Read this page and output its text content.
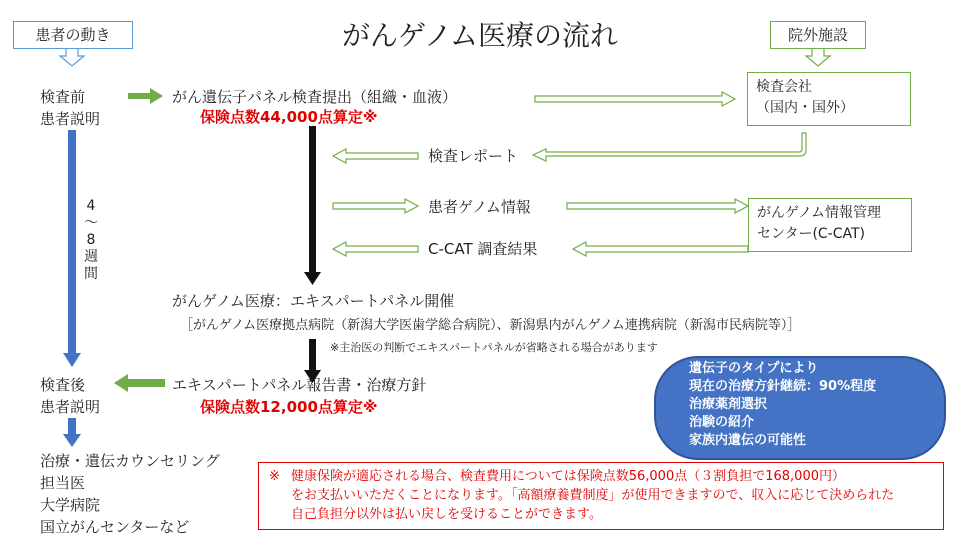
がんゲノム医療の流れ
患者の動き	院外施設
検査前
患者説明
4
～
8
週
間
検査後
患者説明
治療・遺伝カウンセリング
担当医
大学病院
国立がんセンターなど
がん遺伝子パネル検査提出（組織・血液）
保険点数44,000点算定※
検査レポート
患者ゲノム情報
C-CAT 調査結果
がんゲノム医療：エキスパートパネル開催
［がんゲノム医療拠点病院（新潟大学医歯学総合病院）、新潟県内がんゲノム連携病院（新潟市民病院等）］
※主治医の判断でエキスパートパネルが省略される場合があります
エキスパートパネル報告書・治療方針
保険点数12,000点算定※
検査会社
（国内・国外）
がんゲノム情報管理
センター(C-CAT)
遺伝子のタイプにより
現在の治療方針継続：90%程度
治療薬剤選択
治験の紹介
家族内遺伝の可能性
※ 健康保険が適応される場合、検査費用については保険点数56,000点（３割負担で168,000円）
をお支払いいただくことになります。「高額療養費制度」が使用できますので、収入に応じて決められた
自己負担分以外は払い戻しを受けることができます。
